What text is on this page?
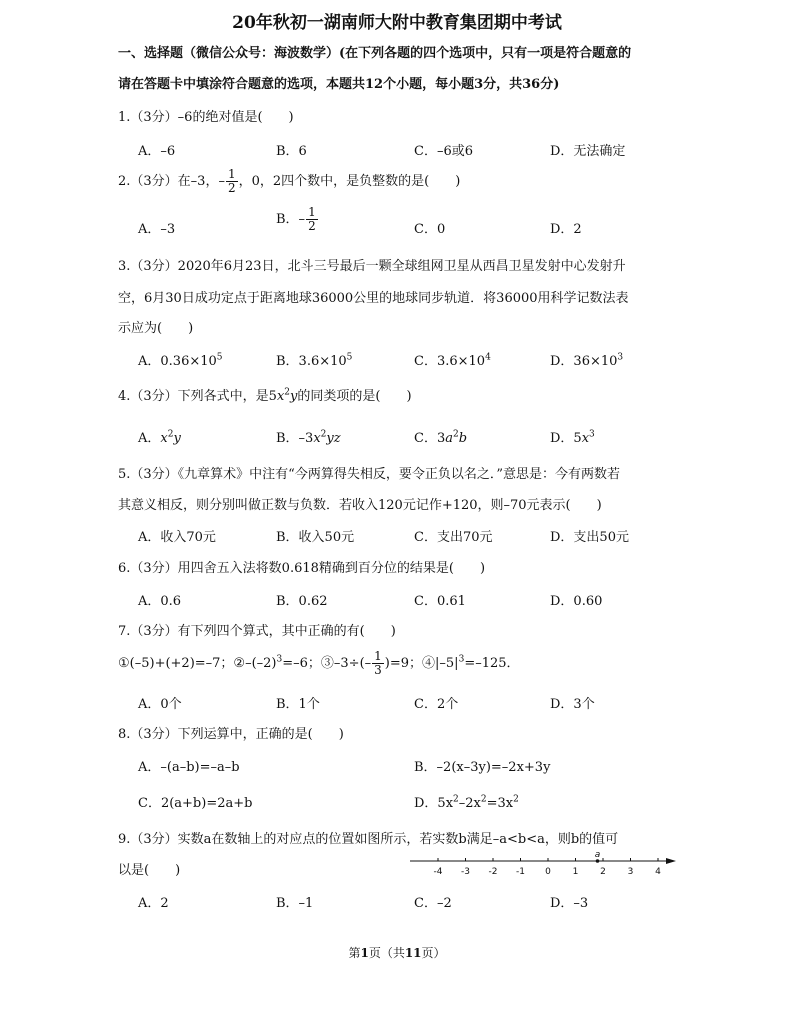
20年秋初一湖南师大附中教育集团期中考试
一、选择题（微信公众号：海波数学）(在下列各题的四个选项中，只有一项是符合题意的
请在答题卡中填涂符合题意的选项，本题共12个小题，每小题3分，共36分)
1.（3分）–6的绝对值是(　　)
A．–6	B．6	C．–6或6	D．无法确定
2.（3分）在–3，– $\frac{1}{2}$ ，0，2四个数中，是负整数的是(　　)
A．–3
B．– $\frac{1}{2}$	C．0	D．2
3.（3分）2020年6月23日，北斗三号最后一颗全球组网卫星从西昌卫星发射中心发射升
空，6月30日成功定点于距离地球36000公里的地球同步轨道．将36000用科学记数法表
示应为(　　)
A．$0.36\times 10^5$	B．$3.6\times 10^5$	C．$3.6\times 10^4$	D．$36\times 10^3$
4.（3分）下列各式中，是$5x^2y$的同类项的是(　　)
A．$x^2y$	B．$-3x^2yz$	C．$3a^2b$	D．$5x^3$
5.（3分）《九章算术》中注有“今两算得失相反，要令正负以名之．”意思是：今有两数若
其意义相反，则分别叫做正数与负数．若收入120元记作+120，则–70元表示(　　)
A．收入70元	B．收入50元	C．支出70元	D．支出50元
6.（3分）用四舍五入法将数0.618精确到百分位的结果是(　　)
A．0.6	B．0.62	C．0.61	D．0.60
7.（3分）有下列四个算式，其中正确的有(　　)
①(–5)+(+2)=–7；$②-(-2)^3=-6$；③–3÷(– $\frac{1}{3} )=9$；$④|-5|^3=-125$．
A．0个	B．1个	C．2个	D．3个
8.（3分）下列运算中，正确的是(　　)
A．–(a–b)=–a–b	B．–2(x–3y)=–2x+3y
C．2(a+b)=2a+b	D．$5x^2-2x^2=3x^2$
9.（3分）实数a在数轴上的对应点的位置如图所示，若实数b满足–a<b<a，则b的值可
以是(　　)	-4 -3 -2 -1 0 1 2 3 4
a
A．2	B．–1	C．–2	D．–3
第1页（共11页）
